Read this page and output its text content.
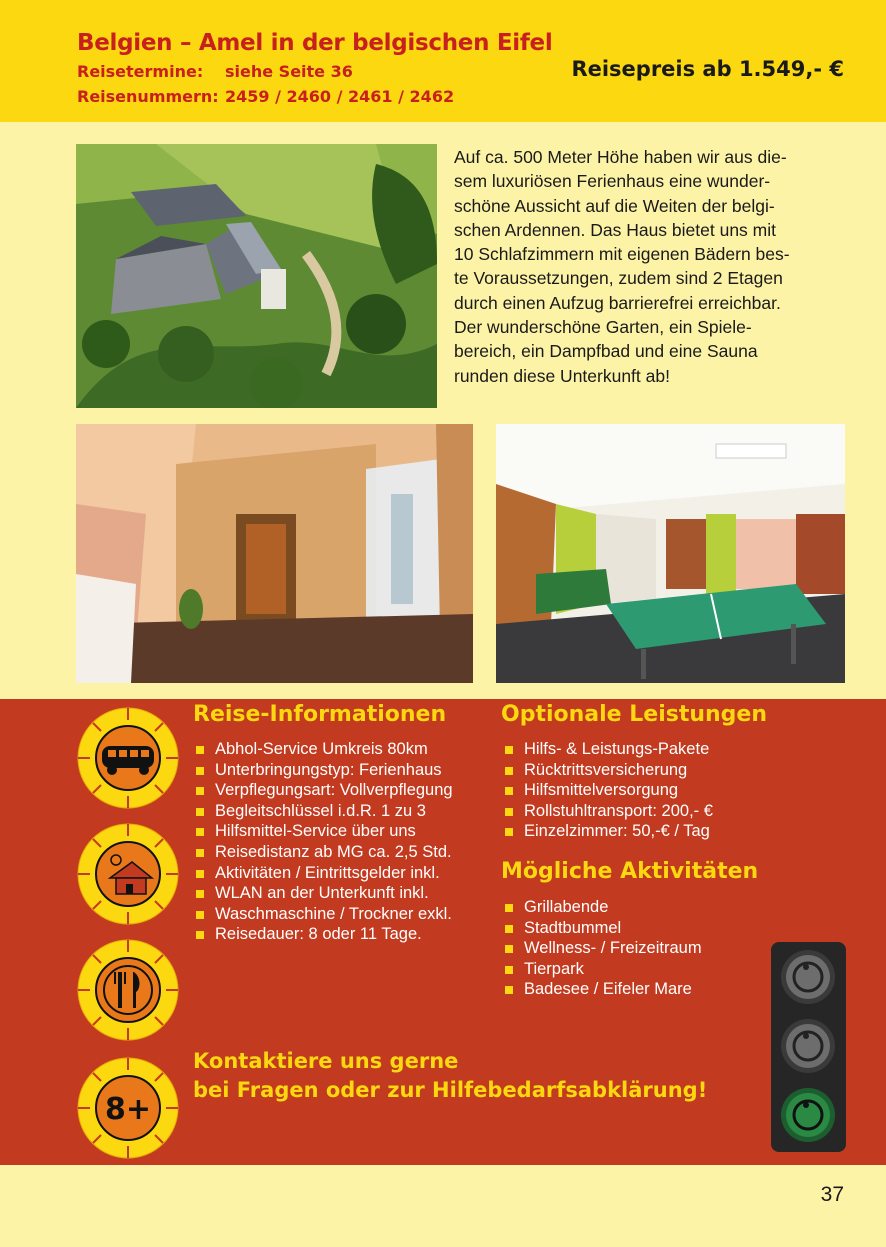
Belgien – Amel in der belgischen Eifel
Reisetermine: siehe Seite 36
Reisenummern: 2459 / 2460 / 2461 / 2462
Reisepreis ab 1.549,- €
Auf ca. 500 Meter Höhe haben wir aus die-
sem luxuriösen Ferienhaus eine wunder-
schöne Aussicht auf die Weiten der belgi-
schen Ardennen. Das Haus bietet uns mit
10 Schlafzimmern mit eigenen Bädern bes-
te Voraussetzungen, zudem sind 2 Etagen
durch einen Aufzug barrierefrei erreichbar.
Der wunderschöne Garten, ein Spiele-
bereich, ein Dampfbad und eine Sauna
runden diese Unterkunft ab!
Reise-Informationen
Abhol-Service Umkreis 80km
Unterbringungstyp: Ferienhaus
Verpflegungsart: Vollverpflegung
Begleitschlüssel i.d.R. 1 zu 3
Hilfsmittel-Service über uns
Reisedistanz ab MG ca. 2,5 Std.
Aktivitäten / Eintrittsgelder inkl.
WLAN an der Unterkunft inkl.
Waschmaschine / Trockner exkl.
Reisedauer: 8 oder 11 Tage.
Optionale Leistungen
Hilfs- & Leistungs-Pakete
Rücktrittsversicherung
Hilfsmittelversorgung
Rollstuhltransport: 200,- €
Einzelzimmer: 50,-€ / Tag
Mögliche Aktivitäten
Grillabende
Stadtbummel
Wellness- / Freizeitraum
Tierpark
Badesee / Eifeler Mare
Kontaktiere uns gerne
bei Fragen oder zur Hilfebedarfsabklärung!
8+
37
